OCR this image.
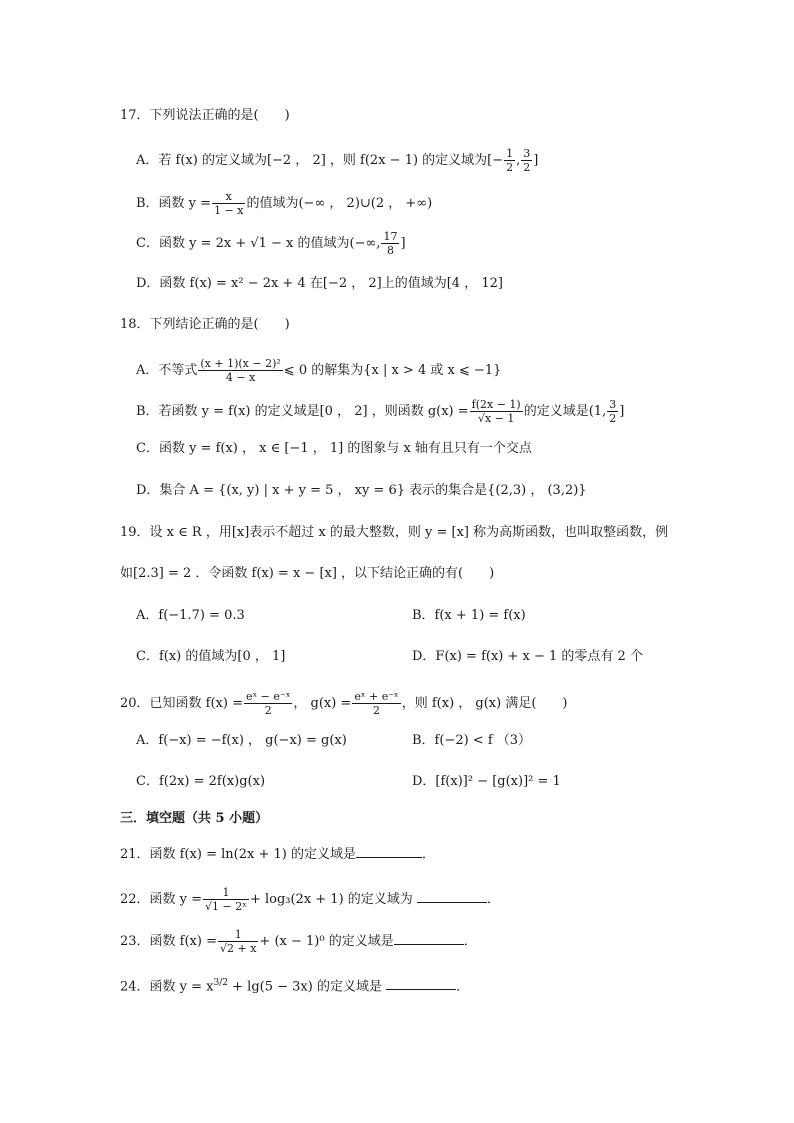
17．下列说法正确的是(　　)
A．若 f(x) 的定义域为[−2 ， 2] ，则 f(2x − 1) 的定义域为[− $\frac{1}{2}$ , $\frac{3}{2}$ ]
B．函数 $y = \frac{x}{1 - x}$ 的值域为(−∞ ， 2)∪(2 ， +∞)
C．函数 y = 2x + √1 − x 的值域为(−∞, $\frac{17}{8}$ ]
D．函数 f(x) = x² − 2x + 4 在[−2 ， 2]上的值域为[4 ， 12]
18．下列结论正确的是(　　)
A．不等式 $\frac{\text{(x + 1)(x − 2)²}}{4 - x}$ ⩽ 0 的解集为{x | x > 4 或 x ⩽ −1}
B．若函数 y = f(x) 的定义域是[0 ， 2] ，则函数 $g(x) = \frac{f(2x - 1)}{√x - 1}$ 的定义域是(1, $\frac{3}{2}$ ]
C．函数 y = f(x) ， x ∈ [−1 ， 1] 的图象与 x 轴有且只有一个交点
D．集合 A = {(x, y) | x + y = 5 ， xy = 6} 表示的集合是{(2,3) ， (3,2)}
19．设 x ∈ R ，用[x]表示不超过 x 的最大整数，则 y = [x] 称为高斯函数，也叫取整函数，例
如[2.3] = 2 ．令函数 f(x) = x − [x] ，以下结论正确的有(　　)
A．f(−1.7) = 0.3	B．f(x + 1) = f(x)
C．f(x) 的值域为[0 ， 1]	D．F(x) = f(x) + x − 1 的零点有 2 个
20．已知函数 $f(x) = \frac{\text{eˣ − e⁻ˣ}}{2}$ ， $g(x) = \frac{\text{eˣ + e⁻ˣ}}{2}$ ，则 f(x) ， g(x) 满足(　　)
A．f(−x) = −f(x) ， g(−x) = g(x)	B．f(−2) < f （3）
C．f(2x) = 2f(x)g(x)	D．[f(x)]² − [g(x)]² = 1
三．填空题（共 5 小题）
21．函数 f(x) = ln(2x + 1) 的定义域是	．
22．函数 $y = \frac{1}{\text{√1 − 2ˣ}} + \log_3(2x + 1)$ 的定义域为	．
23．函数 $f(x) = \frac{1}{√2 + x} + (x - 1)^0$ 的定义域是	．
24．函数 $y = x^{3/2} + \lg(5 - 3x)$ 的定义域是	．
